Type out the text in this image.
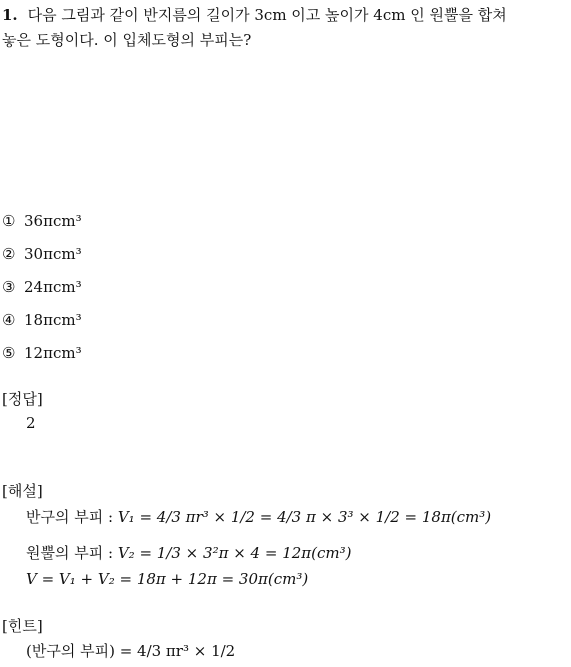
1. 다음 그림과 같이 반지름의 길이가 3cm 이고 높이가 4cm 인 원뿔을 합쳐
놓은 도형이다. 이 입체도형의 부피는?
① 36πcm³
② 30πcm³
③ 24πcm³
④ 18πcm³
⑤ 12πcm³
[정답]
2
[해설]
반구의 부피 : V₁ = 4/3 πr³ × 1/2 = 4/3 π × 3³ × 1/2 = 18π(cm³)
원뿔의 부피 : V₂ = 1/3 × 3²π × 4 = 12π(cm³)
V = V₁ + V₂ = 18π + 12π = 30π(cm³)
[힌트]
(반구의 부피) = 4/3 πr³ × 1/2
